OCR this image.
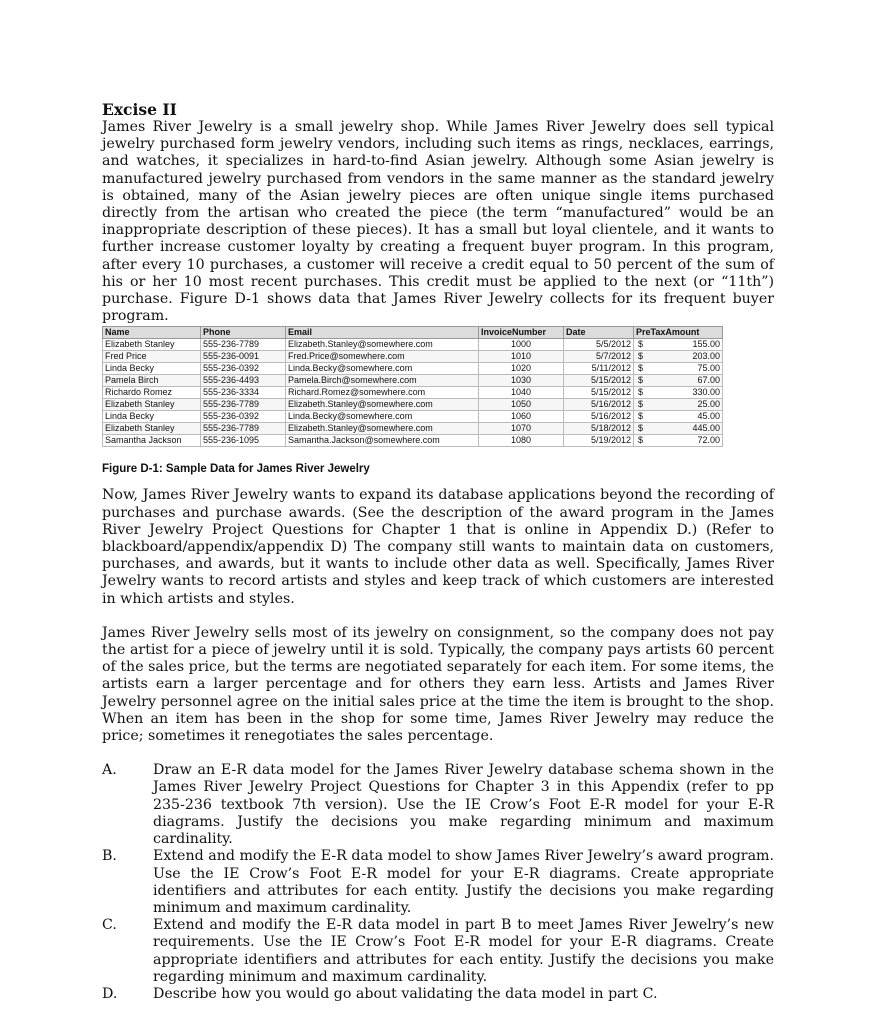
Excise II

James River Jewelry is a small jewelry shop. While James River Jewelry does sell typical jewelry purchased form jewelry vendors, including such items as rings, necklaces, earrings, and watches, it specializes in hard-to-find Asian jewelry. Although some Asian jewelry is manufactured jewelry purchased from vendors in the same manner as the standard jewelry is obtained, many of the Asian jewelry pieces are often unique single items purchased directly from the artisan who created the piece (the term “manufactured” would be an inappropriate description of these pieces). It has a small but loyal clientele, and it wants to further increase customer loyalty by creating a frequent buyer program. In this program, after every 10 purchases, a customer will receive a credit equal to 50 percent of the sum of his or her 10 most recent purchases. This credit must be applied to the next (or “11th”) purchase. Figure D-1 shows data that James River Jewelry collects for its frequent buyer program.

Name	Phone	Email	InvoiceNumber	Date	PreTaxAmount
Elizabeth Stanley	555-236-7789	Elizabeth.Stanley@somewhere.com	1000	5/5/2012	$ 155.00

Fred Price	555-236-0091	Fred.Price@somewhere.com	1010	5/7/2012	$ 203.00

Linda Becky	555-236-0392	Linda.Becky@somewhere.com	1020	5/11/2012	$ 75.00

Pamela Birch	555-236-4493	Pamela.Birch@somewhere.com	1030	5/15/2012	$ 67.00

Richardo Romez	555-236-3334	Richard.Romez@somewhere.com	1040	5/15/2012	$ 330.00

Elizabeth Stanley	555-236-7789	Elizabeth.Stanley@somewhere.com	1050	5/16/2012	$ 25.00

Linda Becky	555-236-0392	Linda.Becky@somewhere.com	1060	5/16/2012	$ 45.00

Elizabeth Stanley	555-236-7789	Elizabeth.Stanley@somewhere.com	1070	5/18/2012	$ 445.00

Samantha Jackson	555-236-1095	Samantha.Jackson@somewhere.com	1080	5/19/2012	$ 72.00
Figure D-1: Sample Data for James River Jewelry

Now, James River Jewelry wants to expand its database applications beyond the recording of purchases and purchase awards. (See the description of the award program in the James River Jewelry Project Questions for Chapter 1 that is online in Appendix D.) (Refer to blackboard/appendix/appendix D) The company still wants to maintain data on customers, purchases, and awards, but it wants to include other data as well. Specifically, James River Jewelry wants to record artists and styles and keep track of which customers are interested in which artists and styles.

James River Jewelry sells most of its jewelry on consignment, so the company does not pay the artist for a piece of jewelry until it is sold. Typically, the company pays artists 60 percent of the sales price, but the terms are negotiated separately for each item. For some items, the artists earn a larger percentage and for others they earn less. Artists and James River Jewelry personnel agree on the initial sales price at the time the item is brought to the shop. When an item has been in the shop for some time, James River Jewelry may reduce the price; sometimes it renegotiates the sales percentage.

A.	Draw an E-R data model for the James River Jewelry database schema shown in the James River Jewelry Project Questions for Chapter 3 in this Appendix (refer to pp 235-236 textbook 7th version). Use the IE Crow’s Foot E-R model for your E-R diagrams. Justify the decisions you make regarding minimum and maximum cardinality.
B.	Extend and modify the E-R data model to show James River Jewelry’s award program. Use the IE Crow’s Foot E-R model for your E-R diagrams. Create appropriate identifiers and attributes for each entity. Justify the decisions you make regarding minimum and maximum cardinality.
C.	Extend and modify the E-R data model in part B to meet James River Jewelry’s new requirements. Use the IE Crow’s Foot E-R model for your E-R diagrams. Create appropriate identifiers and attributes for each entity. Justify the decisions you make regarding minimum and maximum cardinality.
D.	Describe how you would go about validating the data model in part C.
